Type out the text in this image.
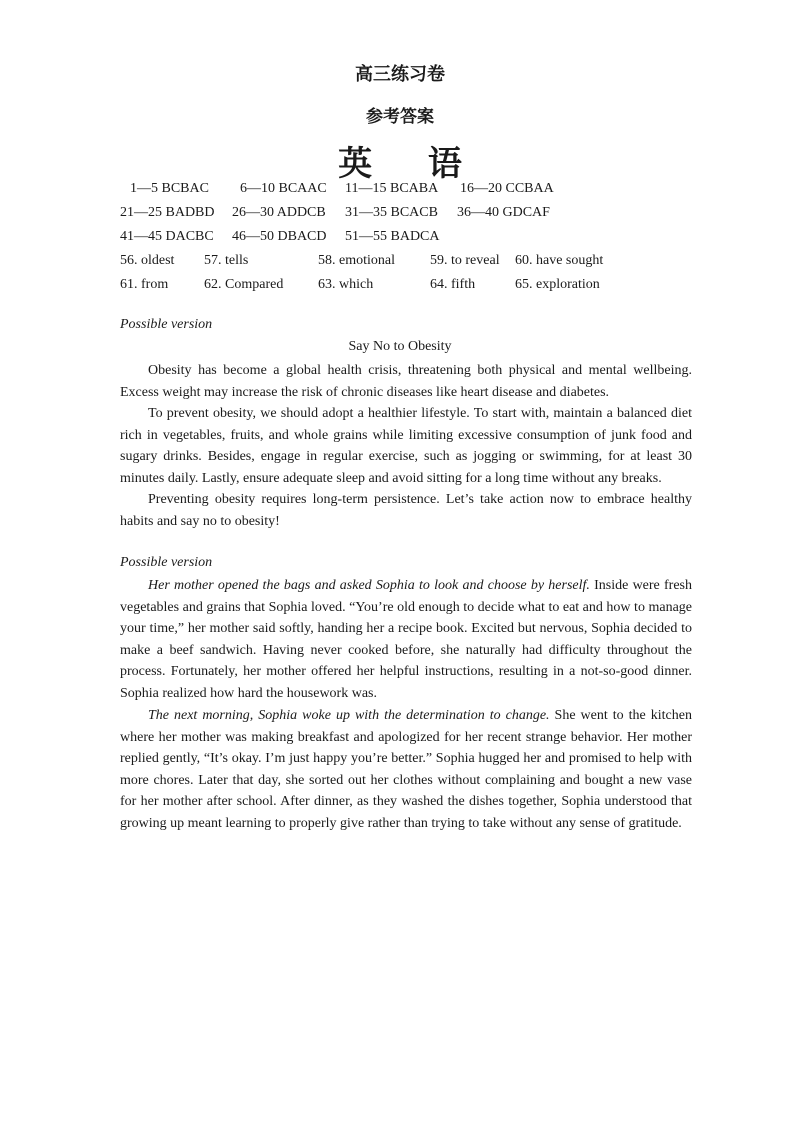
高三练习卷
参考答案
英 语
1—5 BCBAC 6—10 BCAAC 11—15 BCABA 16—20 CCBAA
21—25 BADBD 26—30 ADDCB 31—35 BCACB 36—40 GDCAF
41—45 DACBC 46—50 DBACD 51—55 BADCA
56. oldest 57. tells	58. emotional	59. to reveal 60. have sought
61. from	62. Compared 63. which	64. fifth	65. exploration
Possible version
Say No to Obesity
Obesity has become a global health crisis, threatening both physical and mental wellbeing. Excess weight may increase the risk of chronic diseases like heart disease and diabetes.
To prevent obesity, we should adopt a healthier lifestyle. To start with, maintain a balanced diet rich in vegetables, fruits, and whole grains while limiting excessive consumption of junk food and sugary drinks. Besides, engage in regular exercise, such as jogging or swimming, for at least 30 minutes daily. Lastly, ensure adequate sleep and avoid sitting for a long time without any breaks.
Preventing obesity requires long-term persistence. Let’s take action now to embrace healthy habits and say no to obesity!
Possible version
Her mother opened the bags and asked Sophia to look and choose by herself. Inside were fresh vegetables and grains that Sophia loved. “You’re old enough to decide what to eat and how to manage your time,” her mother said softly, handing her a recipe book. Excited but nervous, Sophia decided to make a beef sandwich. Having never cooked before, she naturally had difficulty throughout the process. Fortunately, her mother offered her helpful instructions, resulting in a not-so-good dinner. Sophia realized how hard the housework was.
The next morning, Sophia woke up with the determination to change. She went to the kitchen where her mother was making breakfast and apologized for her recent strange behavior. Her mother replied gently, “It’s okay. I’m just happy you’re better.” Sophia hugged her and promised to help with more chores. Later that day, she sorted out her clothes without complaining and bought a new vase for her mother after school. After dinner, as they washed the dishes together, Sophia understood that growing up meant learning to properly give rather than trying to take without any sense of gratitude.
